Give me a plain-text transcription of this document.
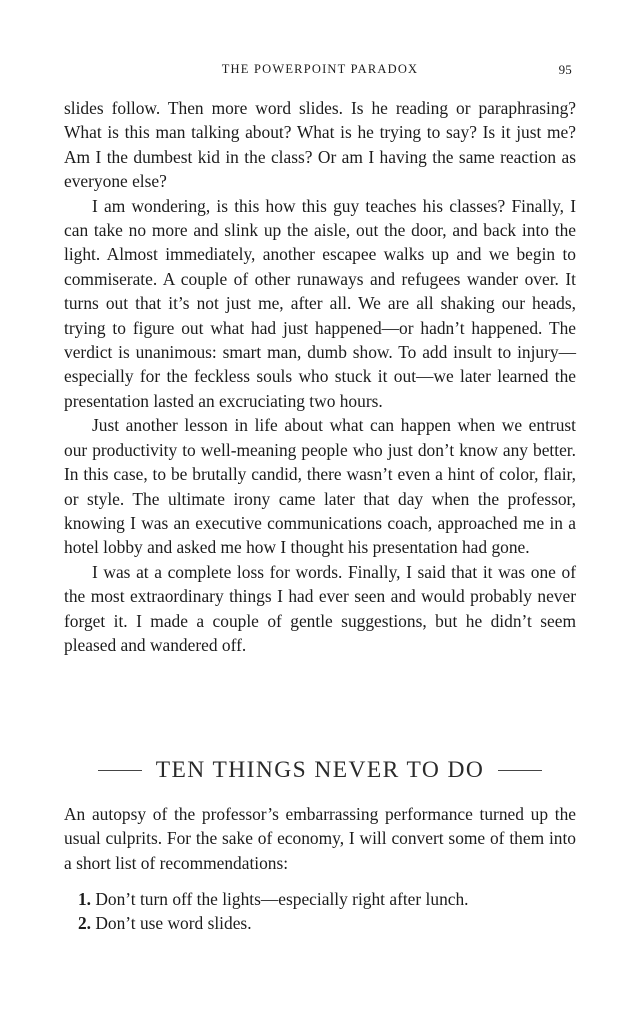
THE POWERPOINT PARADOX	95

slides follow. Then more word slides. Is he reading or paraphrasing? What is this man talking about? What is he trying to say? Is it just me? Am I the dumbest kid in the class? Or am I having the same reaction as everyone else?

I am wondering, is this how this guy teaches his classes? Finally, I can take no more and slink up the aisle, out the door, and back into the light. Almost immediately, another escapee walks up and we begin to commiserate. A couple of other runaways and refugees wander over. It turns out that it’s not just me, after all. We are all shaking our heads, trying to figure out what had just happened—or hadn’t happened. The verdict is unanimous: smart man, dumb show. To add insult to injury—especially for the feckless souls who stuck it out—we later learned the presentation lasted an excruciating two hours.

Just another lesson in life about what can happen when we entrust our productivity to well-meaning people who just don’t know any better. In this case, to be brutally candid, there wasn’t even a hint of color, flair, or style. The ultimate irony came later that day when the professor, knowing I was an executive communications coach, approached me in a hotel lobby and asked me how I thought his presentation had gone.

I was at a complete loss for words. Finally, I said that it was one of the most extraordinary things I had ever seen and would probably never forget it. I made a couple of gentle suggestions, but he didn’t seem pleased and wandered off.

TEN THINGS NEVER TO DO

An autopsy of the professor’s embarrassing performance turned up the usual culprits. For the sake of economy, I will convert some of them into a short list of recommendations:

1.
Don’t turn off the lights—especially right after lunch.
2.
Don’t use word slides.
